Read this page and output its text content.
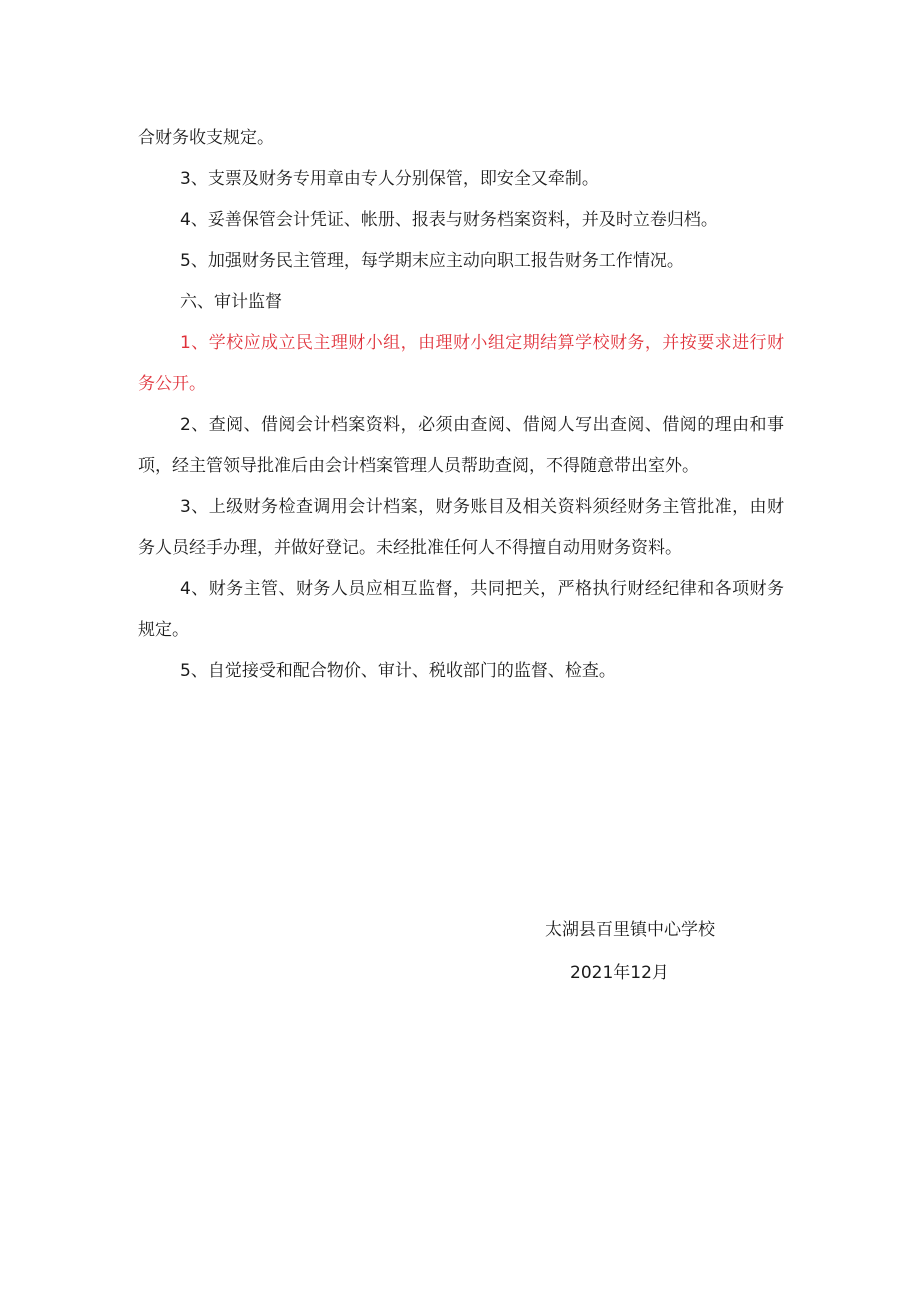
合财务收支规定。

3、支票及财务专用章由专人分别保管，即安全又牵制。

4、妥善保管会计凭证、帐册、报表与财务档案资料，并及时立卷归档。

5、加强财务民主管理，每学期末应主动向职工报告财务工作情况。

六、审计监督

1、学校应成立民主理财小组，由理财小组定期结算学校财务，并按要求进行财务公开。

2、查阅、借阅会计档案资料，必须由查阅、借阅人写出查阅、借阅的理由和事项，经主管领导批准后由会计档案管理人员帮助查阅，不得随意带出室外。

3、上级财务检查调用会计档案，财务账目及相关资料须经财务主管批准，由财务人员经手办理，并做好登记。未经批准任何人不得擅自动用财务资料。

4、财务主管、财务人员应相互监督，共同把关，严格执行财经纪律和各项财务规定。

5、自觉接受和配合物价、审计、税收部门的监督、检查。

太湖县百里镇中心学校
2021年12月
